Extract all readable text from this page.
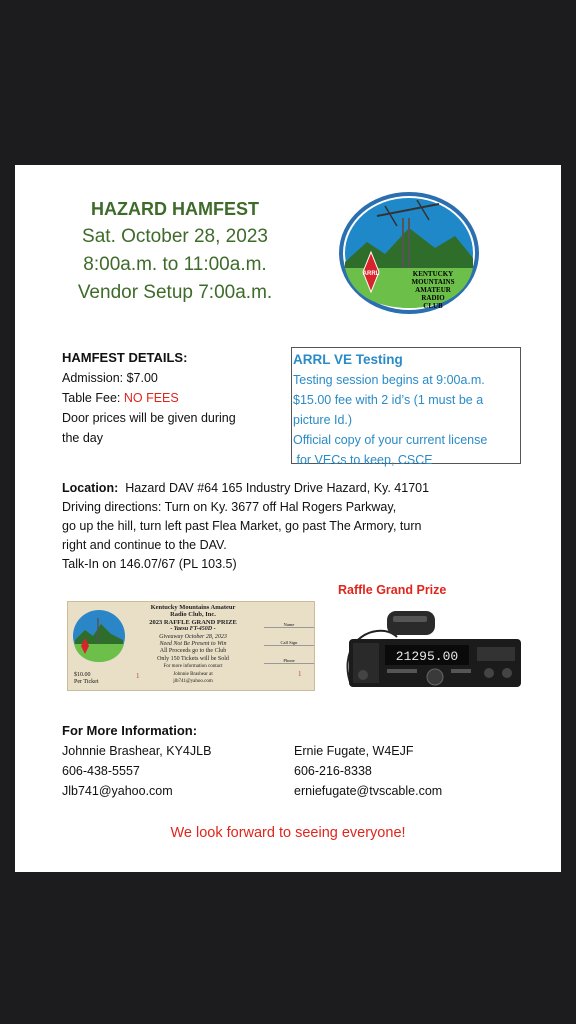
HAZARD HAMFEST
Sat. October 28, 2023
8:00a.m. to 11:00a.m.
Vendor Setup 7:00a.m.
ARRL	KENTUCKY
MOUNTAINS
AMATEUR
RADIO
CLUB
HAMFEST DETAILS:
Admission: $7.00
Table Fee: NO FEES
Door prices will be given during
the day
ARRL VE Testing
Testing session begins at 9:00a.m.
$15.00 fee with 2 id’s (1 must be a
picture Id.)
Official copy of your current license
for VECs to keep, CSCE
Location: Hazard DAV #64 165 Industry Drive Hazard, Ky. 41701
Driving directions: Turn on Ky. 3677 off Hal Rogers Parkway,
go up the hill, turn left past Flea Market, go past The Armory, turn
right and continue to the DAV.
Talk-In on 146.07/67 (PL 103.5)
Raffle Grand Prize
Kentucky Mountains Amateur
Radio Club, Inc.
2023 RAFFLE GRAND PRIZE
- Yaesu FT-450D -
Giveaway October 28, 2023
Need Not Be Present to Win
All Proceeds go to the Club
Only 150 Tickets will be Sold
For more information contact
Johnnie Brashear at
jlb741@yahoo.com
Name
Call Sign
Phone
$10.00
Per Ticket
1	1
21295.00
For More Information:
Johnnie Brashear, KY4JLB
606-438-5557
Jlb741@yahoo.com
Ernie Fugate, W4EJF
606-216-8338
erniefugate@tvscable.com
We look forward to seeing everyone!
